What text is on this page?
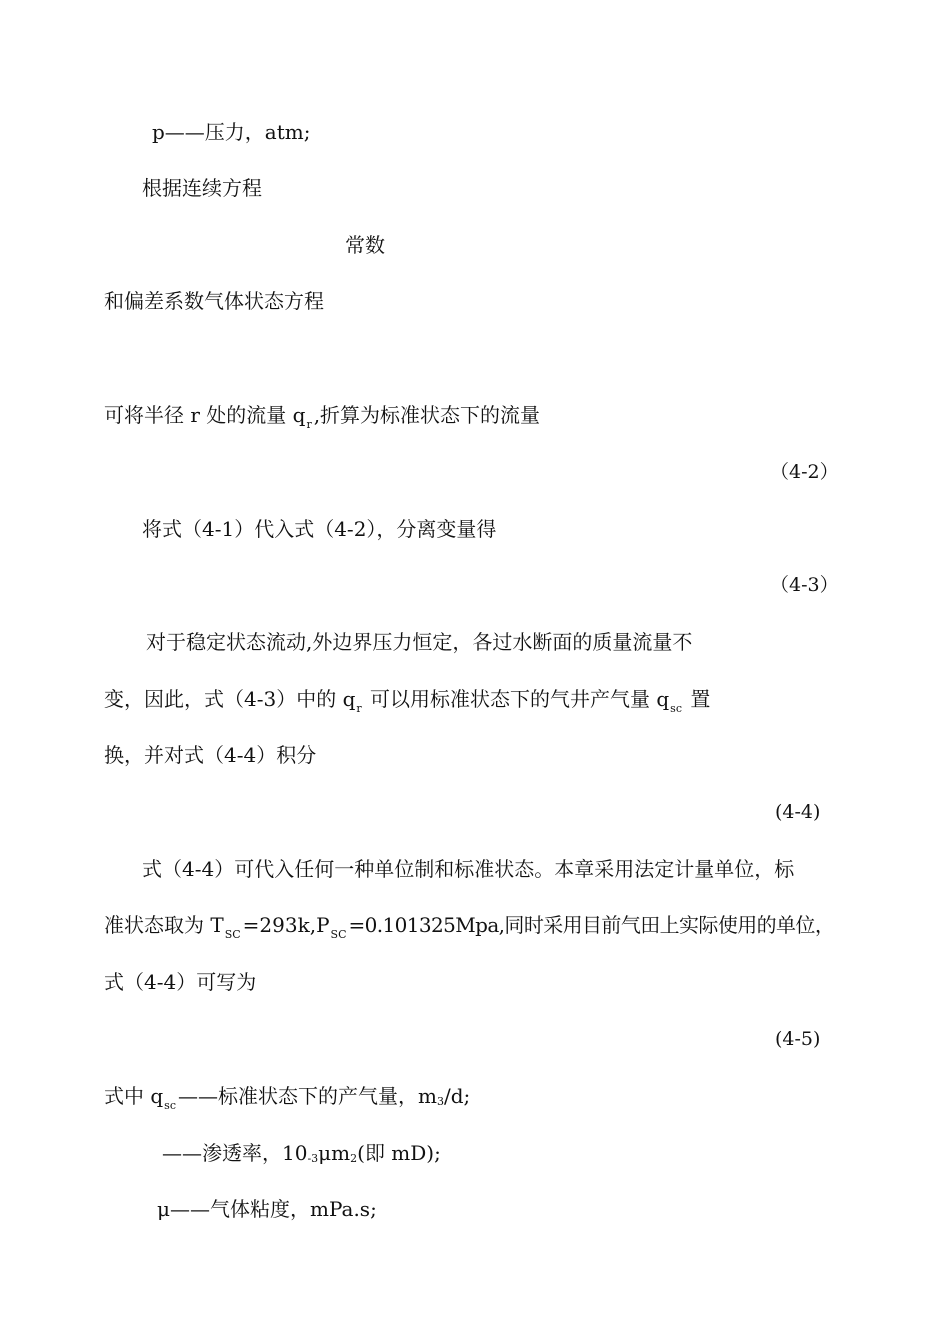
p——压力，atm;
根据连续方程
常数
和偏差系数气体状态方程
可将半径 r 处的流量 $q_r$ ,折算为标准状态下的流量
（4-2）
将式（4-1）代入式（4-2），分离变量得
（4-3）
对于稳定状态流动,外边界压力恒定，各过水断面的质量流量不
变，因此，式（4-3）中的 $q_r$ 可以用标准状态下的气井产气量 $q_{sc}$ 置
换，并对式（4-4）积分
(4-4)
式（4-4）可代入任何一种单位制和标准状态。本章采用法定计量单位，标
准状态取为 $T_{SC} =293k,P_{SC} =0.101325Mpa$,同时采用目前气田上实际使用的单位，
式（4-4）可写为
(4-5)
式中 $q_{sc}$ ——标准状态下的产气量，m3/d;
——渗透率，10-3μm2(即 mD);
μ——气体粘度，mPa.s;
